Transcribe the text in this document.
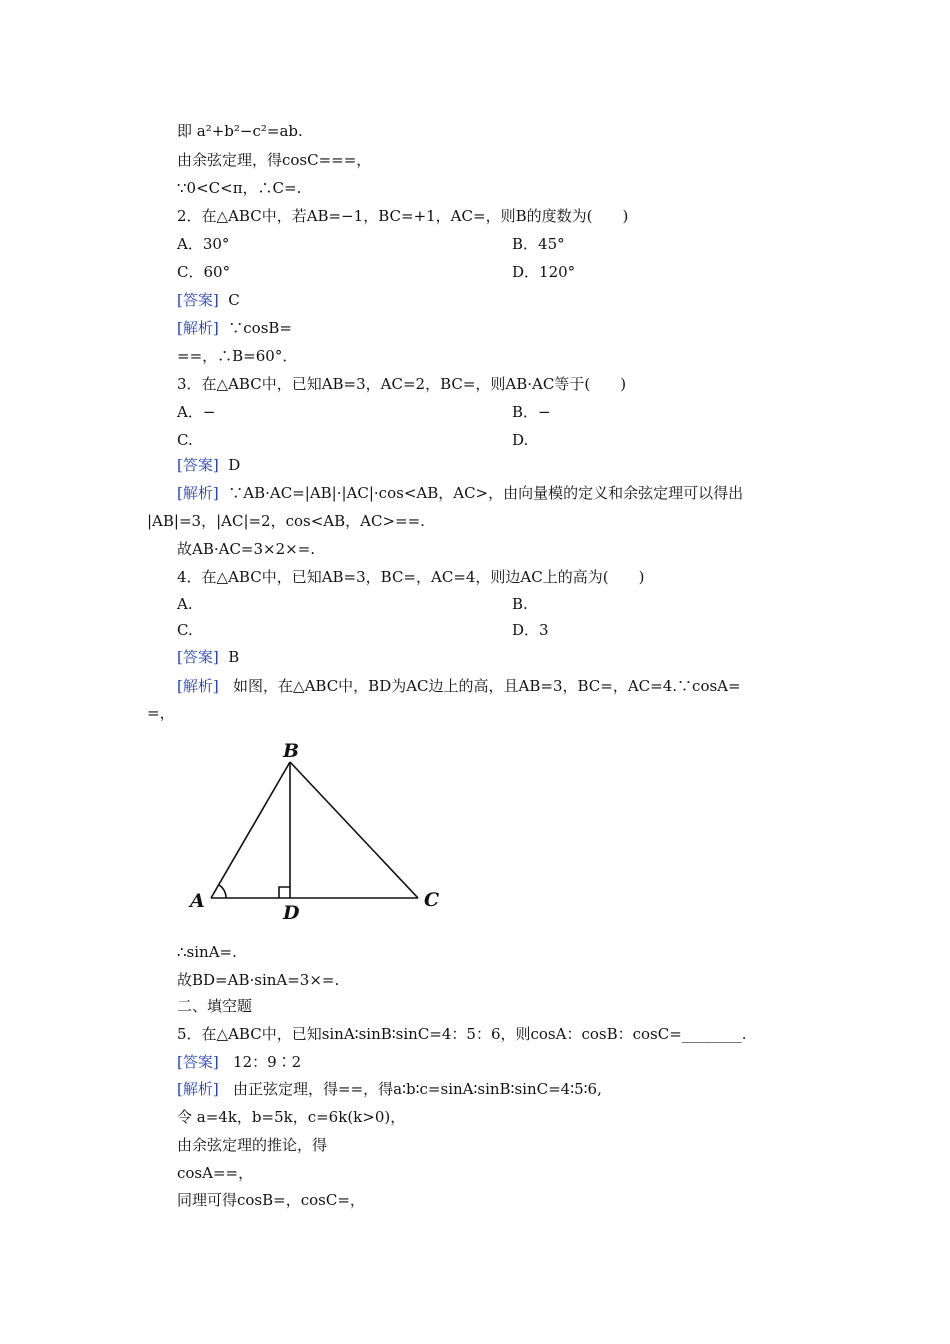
即 a²+b²−c²=ab.
由余弦定理，得cosC===，
∵0<C<π，∴C=.
2．在△ABC中，若AB=−1，BC=+1，AC=，则B的度数为(　　)
A．30°	B．45°
C．60°	D．120°
[答案] C
[解析] ∵cosB=
==，∴B=60°．
3．在△ABC中，已知AB=3，AC=2，BC=，则AB·AC等于(　　)
A．−	B．−
C.	D.
[答案] D
[解析] ∵AB·AC=|AB|·|AC|·cos<AB，AC>，由向量模的定义和余弦定理可以得出
|AB|=3，|AC|=2，cos<AB，AC>==.
故AB·AC=3×2×=.
4．在△ABC中，已知AB=3，BC=，AC=4，则边AC上的高为(　　)
A.	B.
C.	D．3
[答案] B
[解析] 如图，在△ABC中，BD为AC边上的高，且AB=3，BC=，AC=4.∵cosA=
=，
A
B
C
D
∴sinA=.
故BD=AB·sinA=3×=.
二、填空题
5．在△ABC中，已知sinA∶sinB∶sinC=4：5：6，则cosA：cosB：cosC=________.
[答案] 12：9∶2
[解析] 由正弦定理，得==，得a∶b∶c=sinA∶sinB∶sinC=4∶5∶6,
令 a=4k，b=5k，c=6k(k>0)，
由余弦定理的推论，得
cosA==，
同理可得cosB=，cosC=，
